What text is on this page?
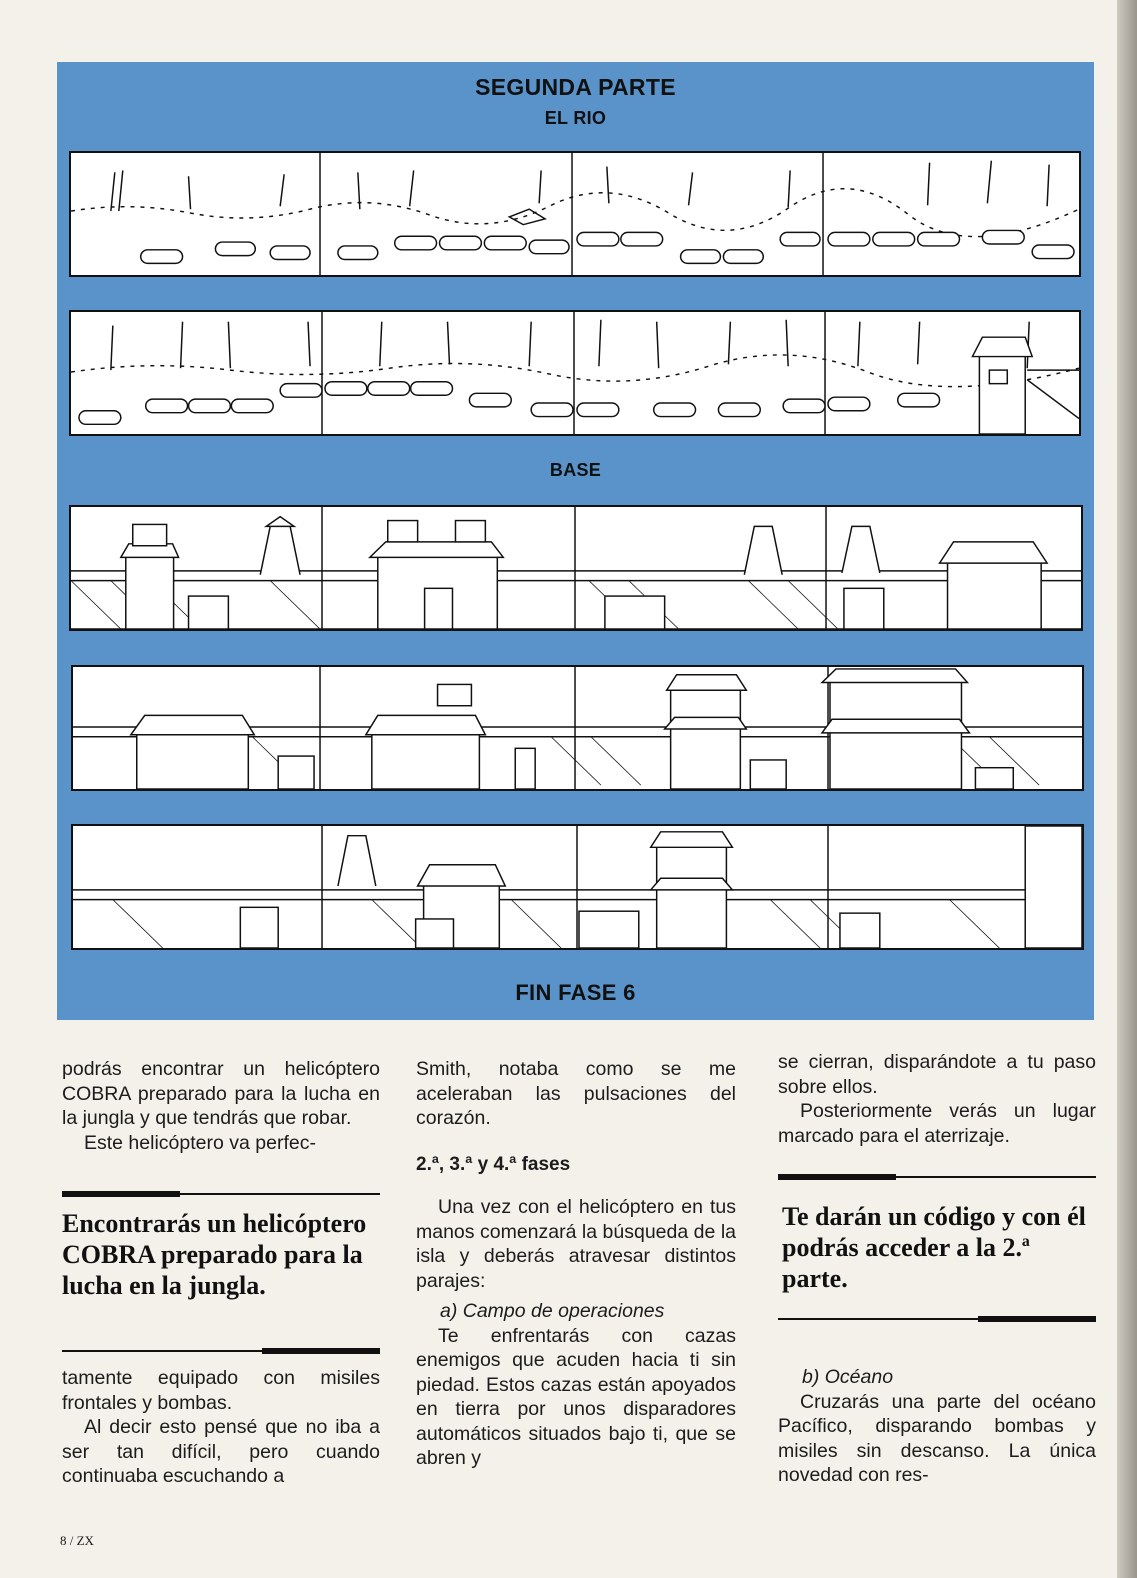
SEGUNDA PARTE
EL RIO
BASE
FIN FASE 6

podrás encontrar un helicóptero COBRA preparado para la lucha en la jungla y que tendrás que robar.

Este helicóptero va perfec-

Encontrarás un helicóptero COBRA preparado para la lucha en la jungla.

tamente equipado con misiles frontales y bombas.

Al decir esto pensé que no iba a ser tan difícil, pero cuando continuaba escuchando a

Smith, notaba como se me aceleraban las pulsaciones del corazón.

2.ª, 3.ª y 4.ª fases

Una vez con el helicóptero en tus manos comenzará la búsqueda de la isla y deberás atravesar distintos parajes:

a) Campo de operaciones

Te enfrentarás con cazas enemigos que acuden hacia ti sin piedad. Estos cazas están apoyados en tierra por unos disparadores automáticos situados bajo ti, que se abren y

se cierran, disparándote a tu paso sobre ellos.

Posteriormente verás un lugar marcado para el aterrizaje.

Te darán un código y con él podrás acceder a la 2.ª parte.

b) Océano

Cruzarás una parte del océano Pacífico, disparando bombas y misiles sin descanso. La única novedad con res-

8 / ZX
